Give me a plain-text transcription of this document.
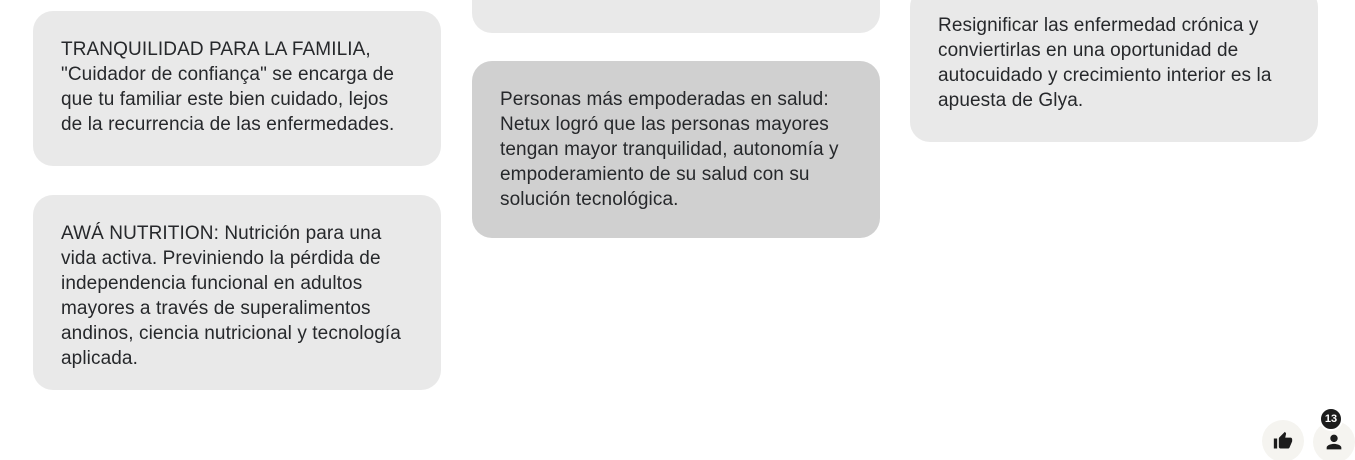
TRANQUILIDAD PARA LA FAMILIA, "Cuidador de confiança" se encarga de que tu familiar este bien cuidado, lejos de la recurrencia de las enfermedades.
AWÁ NUTRITION: Nutrición para una vida activa. Previniendo la pérdida de independencia funcional en adultos mayores a través de superalimentos andinos, ciencia nutricional y tecnología aplicada.
Personas más empoderadas en salud: Netux logró que las personas mayores tengan mayor tranquilidad, autonomía y empoderamiento de su salud con su solución tecnológica.
Resignificar las enfermedad crónica y conviertirlas en una oportunidad de autocuidado y crecimiento interior es la apuesta de Glya.
13
